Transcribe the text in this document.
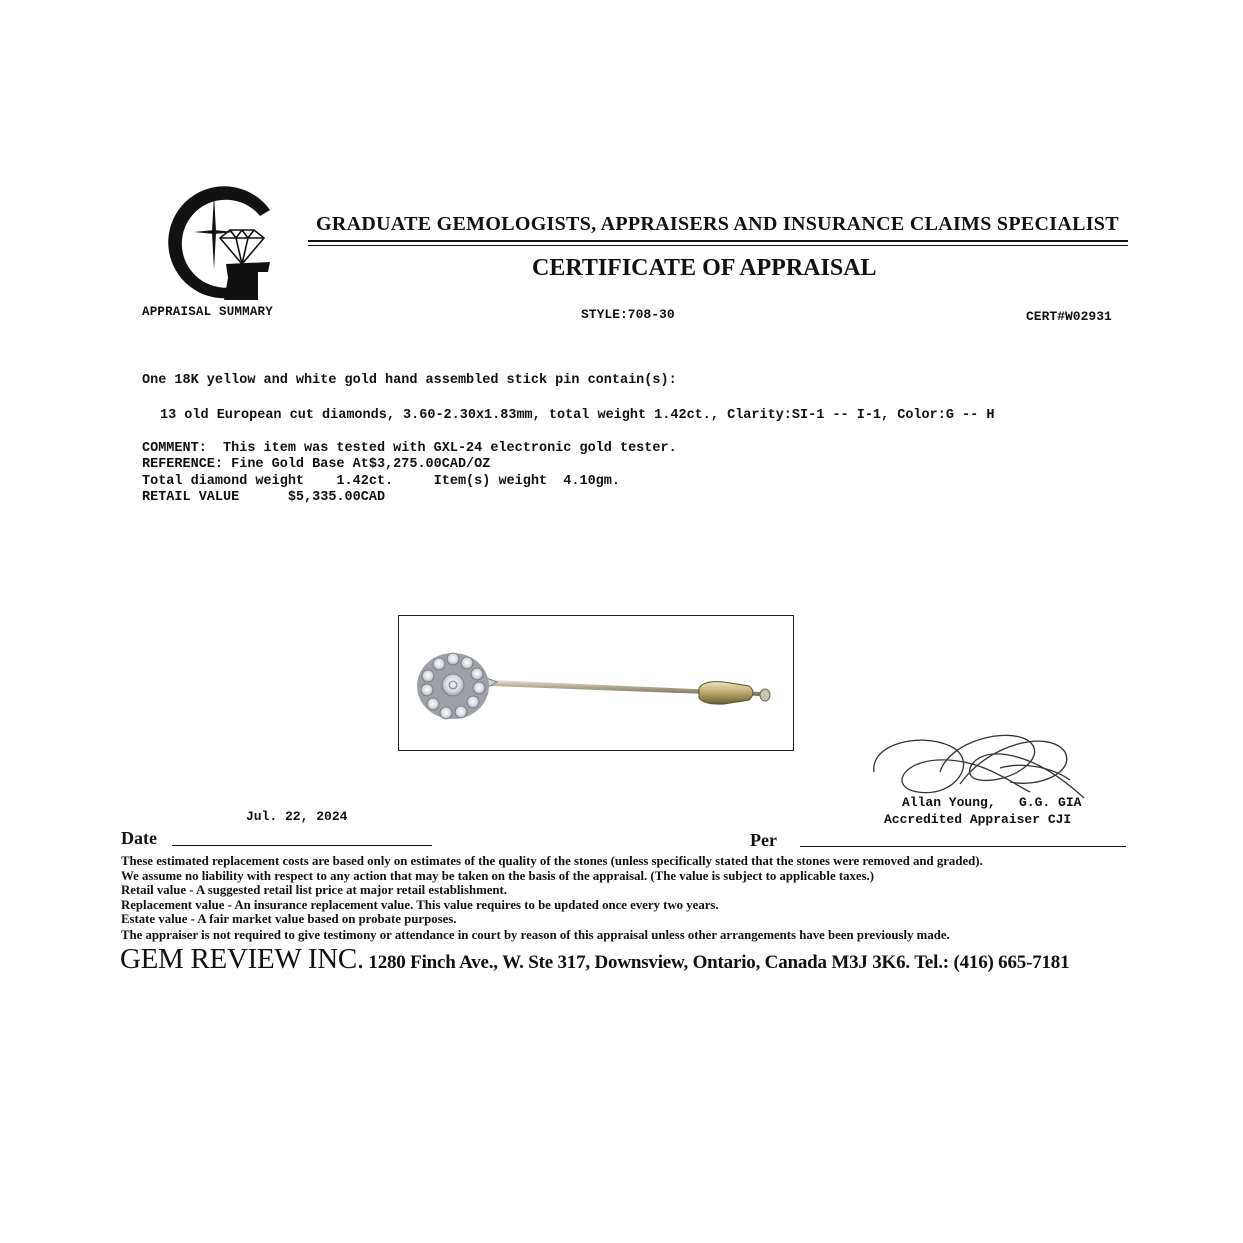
APPRAISAL SUMMARY
GRADUATE GEMOLOGISTS, APPRAISERS AND INSURANCE CLAIMS SPECIALIST
CERTIFICATE OF APPRAISAL
STYLE:708-30	CERT#W02931
One 18K yellow and white gold hand assembled stick pin contain(s):
13 old European cut diamonds, 3.60-2.30x1.83mm, total weight 1.42ct., Clarity:SI-1 -- I-1, Color:G -- H
COMMENT:  This item was tested with GXL-24 electronic gold tester.
REFERENCE: Fine Gold Base At$3,275.00CAD/OZ
Total diamond weight    1.42ct.     Item(s) weight  4.10gm.
RETAIL VALUE      $5,335.00CAD
Allan Young,   G.G. GIA
Accredited Appraiser CJI
Jul. 22, 2024
Date	Per
These estimated replacement costs are based only on estimates of the quality of the stones (unless specifically stated that the stones were removed and graded).
We assume no liability with respect to any action that may be taken on the basis of the appraisal. (The value is subject to applicable taxes.)
Retail value - A suggested retail list price at major retail establishment.
Replacement value - An insurance replacement value. This value requires to be updated once every two years.
Estate value - A fair market value based on probate purposes.
The appraiser is not required to give testimony or attendance in court by reason of this appraisal unless other arrangements have been previously made.
GEM REVIEW INC. 1280 Finch Ave., W. Ste 317, Downsview, Ontario, Canada M3J 3K6. Tel.: (416) 665-7181
